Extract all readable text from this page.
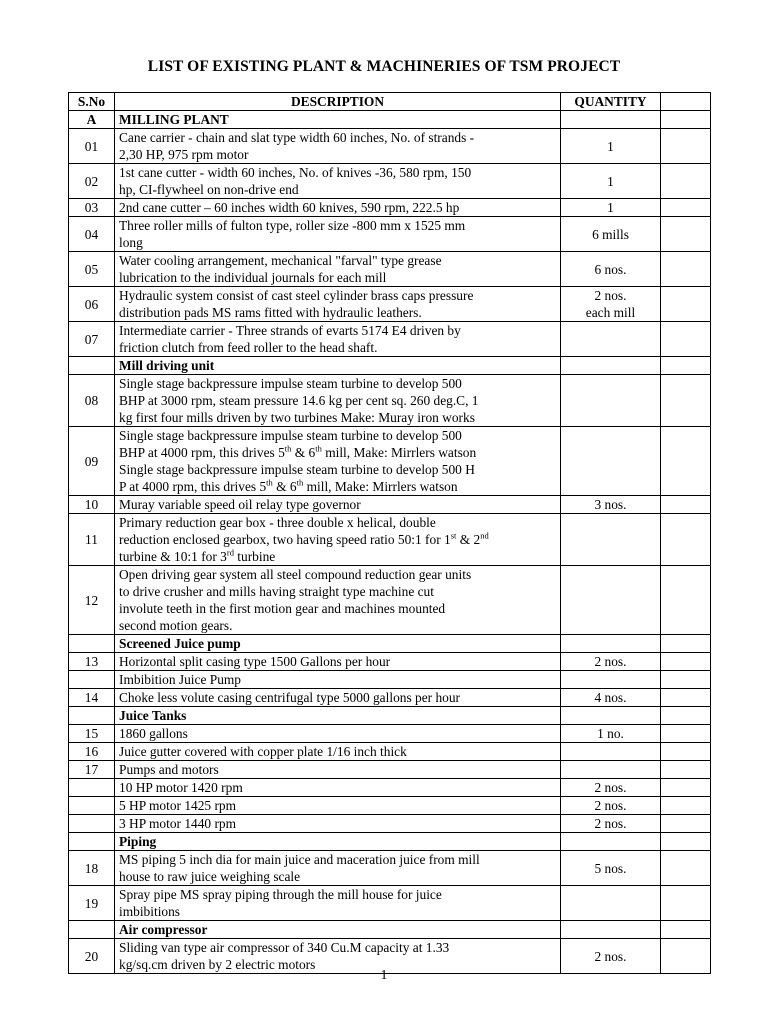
LIST OF EXISTING PLANT & MACHINERIES OF TSM PROJECT
S.No	DESCRIPTION	QUANTITY	
A	MILLING PLANT		
01	Cane carrier - chain and slat type width 60 inches, No. of strands -
2,30 HP, 975 rpm motor	1	
02	1st cane cutter - width 60 inches, No. of knives -36, 580 rpm, 150
hp, CI-flywheel on non-drive end	1	
03	2nd cane cutter – 60 inches width 60 knives, 590 rpm, 222.5 hp	1	
04	Three roller mills of fulton type, roller size -800 mm x 1525 mm
long	6 mills	
05	Water cooling arrangement, mechanical "farval" type grease
lubrication to the individual journals for each mill	6 nos.	
06	Hydraulic system consist of cast steel cylinder brass caps pressure
distribution pads MS rams fitted with hydraulic leathers.	2 nos.
each mill	
07	Intermediate carrier - Three strands of evarts 5174 E4 driven by
friction clutch from feed roller to the head shaft.		
	Mill driving unit		
08	Single stage backpressure impulse steam turbine to develop 500
BHP at 3000 rpm, steam pressure 14.6 kg per cent sq. 260 deg.C, 1
kg first four mills driven by two turbines Make: Muray iron works		
09	Single stage backpressure impulse steam turbine to develop 500
BHP at 4000 rpm, this drives 5th & 6th mill, Make: Mirrlers watson
Single stage backpressure impulse steam turbine to develop 500 H
P at 4000 rpm, this drives 5th & 6th mill, Make: Mirrlers watson		
10	Muray variable speed oil relay type governor	3 nos.	
11	Primary reduction gear box - three double x helical, double
reduction enclosed gearbox, two having speed ratio 50:1 for 1st & 2nd
turbine & 10:1 for 3rd turbine		
12	Open driving gear system all steel compound reduction gear units
to drive crusher and mills having straight type machine cut
involute teeth in the first motion gear and machines mounted
second motion gears.		
	Screened Juice pump		
13	Horizontal split casing type 1500 Gallons per hour	2 nos.	
	Imbibition Juice Pump		
14	Choke less volute casing centrifugal type 5000 gallons per hour	4 nos.	
	Juice Tanks		
15	1860 gallons	1 no.	
16	Juice gutter covered with copper plate 1/16 inch thick		
17	Pumps and motors		
	10 HP motor 1420 rpm	2 nos.	
	5 HP motor 1425 rpm	2 nos.	
	3 HP motor 1440 rpm	2 nos.	
	Piping		
18	MS piping 5 inch dia for main juice and maceration juice from mill
house to raw juice weighing scale	5 nos.	
19	Spray pipe MS spray piping through the mill house for juice
imbibitions		
	Air compressor		
20	Sliding van type air compressor of 340 Cu.M capacity at 1.33
kg/sq.cm driven by 2 electric motors	2 nos.	
1
